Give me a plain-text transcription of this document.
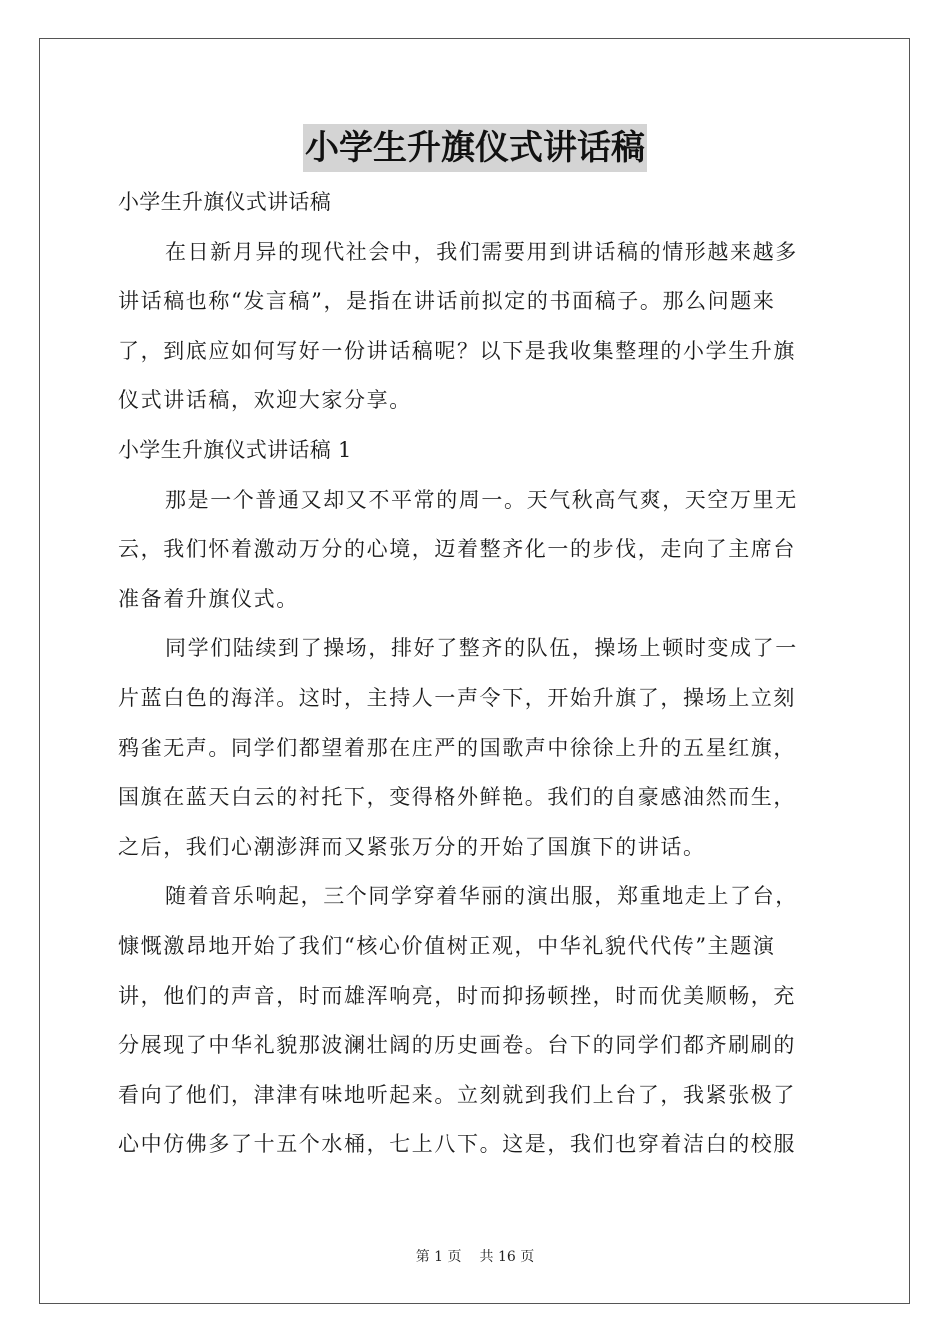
小学生升旗仪式讲话稿
小学生升旗仪式讲话稿
在日新月异的现代社会中，我们需要用到讲话稿的情形越来越多
讲话稿也称“发言稿”，是指在讲话前拟定的书面稿子。那么问题来
了，到底应如何写好一份讲话稿呢？以下是我收集整理的小学生升旗
仪式讲话稿，欢迎大家分享。
小学生升旗仪式讲话稿 1
那是一个普通又却又不平常的周一。天气秋高气爽，天空万里无
云，我们怀着激动万分的心境，迈着整齐化一的步伐，走向了主席台
准备着升旗仪式。
同学们陆续到了操场，排好了整齐的队伍，操场上顿时变成了一
片蓝白色的海洋。这时，主持人一声令下，开始升旗了，操场上立刻
鸦雀无声。同学们都望着那在庄严的国歌声中徐徐上升的五星红旗，
国旗在蓝天白云的衬托下，变得格外鲜艳。我们的自豪感油然而生，
之后，我们心潮澎湃而又紧张万分的开始了国旗下的讲话。
随着音乐响起，三个同学穿着华丽的演出服，郑重地走上了台，
慷慨激昂地开始了我们“核心价值树正观，中华礼貌代代传”主题演
讲，他们的声音，时而雄浑响亮，时而抑扬顿挫，时而优美顺畅，充
分展现了中华礼貌那波澜壮阔的历史画卷。台下的同学们都齐刷刷的
看向了他们，津津有味地听起来。立刻就到我们上台了，我紧张极了
心中仿佛多了十五个水桶，七上八下。这是，我们也穿着洁白的校服
第 1 页 共 16 页
